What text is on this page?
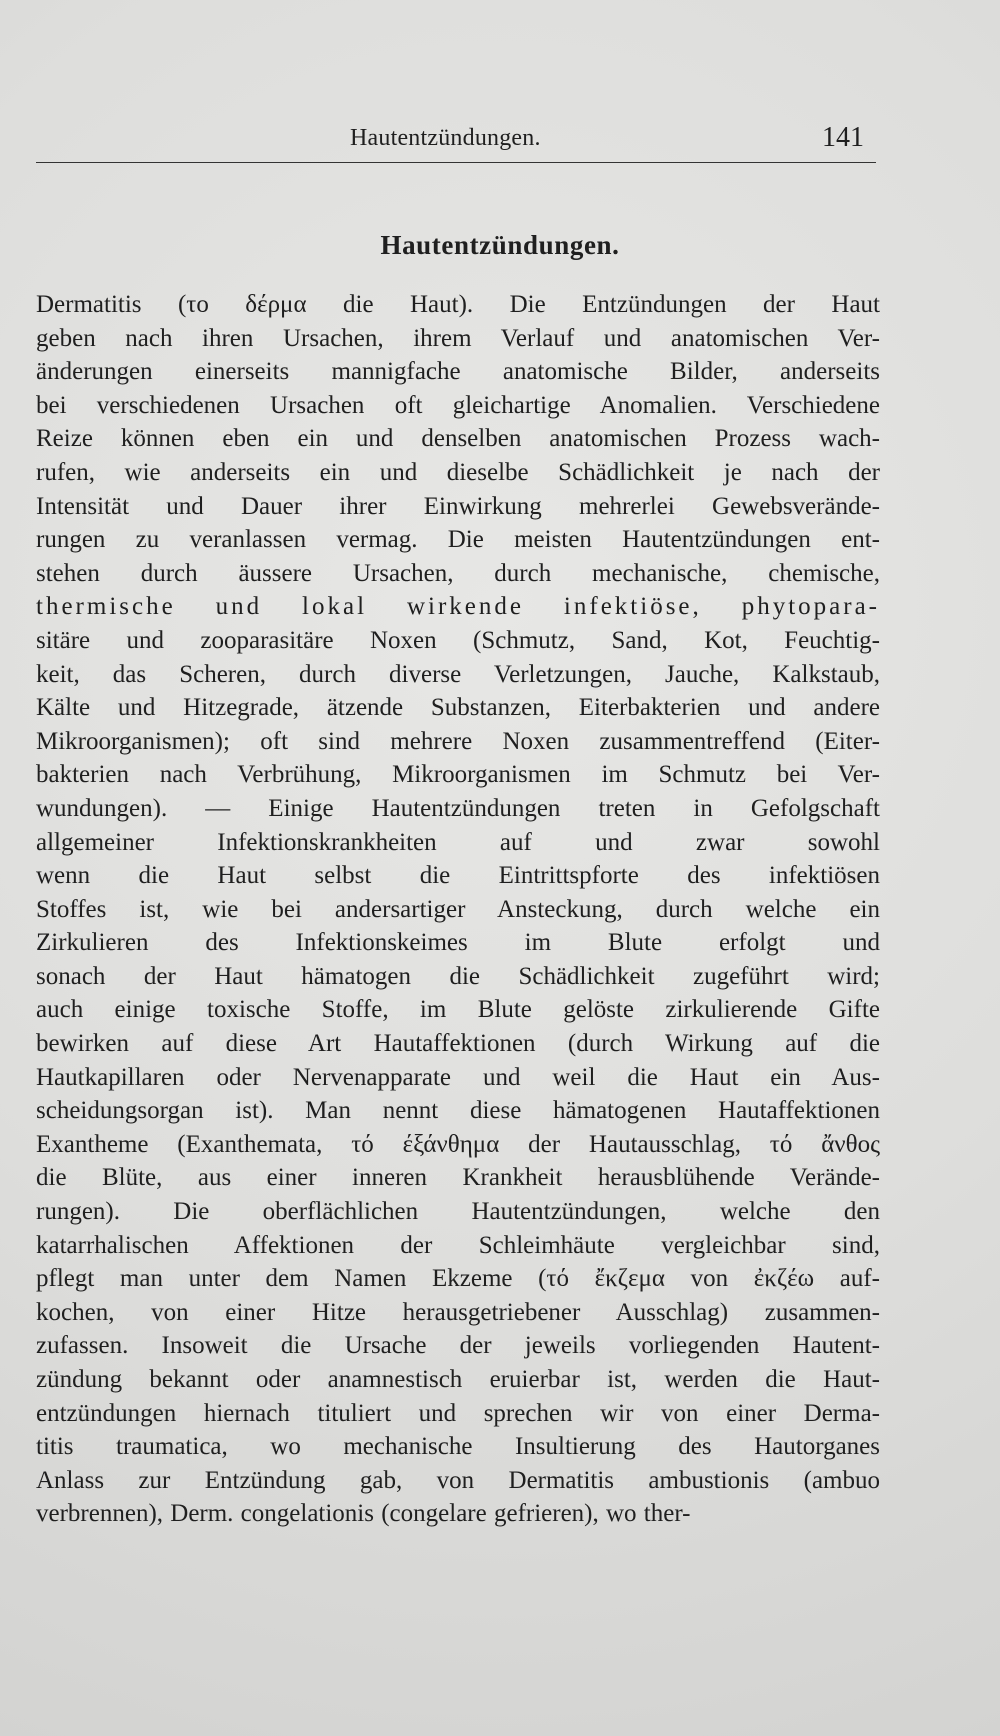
Hautentzündungen.	141
Hautentzündungen.
Dermatitis (το δέρμα die Haut). Die Entzündungen der Haut
geben nach ihren Ursachen, ihrem Verlauf und anatomischen Ver-
änderungen einerseits mannigfache anatomische Bilder, anderseits
bei verschiedenen Ursachen oft gleichartige Anomalien. Verschiedene
Reize können eben ein und denselben anatomischen Prozess wach-
rufen, wie anderseits ein und dieselbe Schädlichkeit je nach der
Intensität und Dauer ihrer Einwirkung mehrerlei Gewebsverände-
rungen zu veranlassen vermag. Die meisten Hautentzündungen ent-
stehen durch äussere Ursachen, durch mechanische, chemische,
thermische und lokal wirkende infektiöse, phytopara-
sitäre und zooparasitäre Noxen (Schmutz, Sand, Kot, Feuchtig-
keit, das Scheren, durch diverse Verletzungen, Jauche, Kalkstaub,
Kälte und Hitzegrade, ätzende Substanzen, Eiterbakterien und andere
Mikroorganismen); oft sind mehrere Noxen zusammentreffend (Eiter-
bakterien nach Verbrühung, Mikroorganismen im Schmutz bei Ver-
wundungen). — Einige Hautentzündungen treten in Gefolgschaft
allgemeiner Infektionskrankheiten auf und zwar sowohl
wenn die Haut selbst die Eintrittspforte des infektiösen
Stoffes ist, wie bei andersartiger Ansteckung, durch welche ein
Zirkulieren des Infektionskeimes im Blute erfolgt und
sonach der Haut hämatogen die Schädlichkeit zugeführt wird;
auch einige toxische Stoffe, im Blute gelöste zirkulierende Gifte
bewirken auf diese Art Hautaffektionen (durch Wirkung auf die
Hautkapillaren oder Nervenapparate und weil die Haut ein Aus-
scheidungsorgan ist). Man nennt diese hämatogenen Hautaffektionen
Exantheme (Exanthemata, τό έξάνθημα der Hautausschlag, τό ἄνθος
die Blüte, aus einer inneren Krankheit herausblühende Verände-
rungen). Die oberflächlichen Hautentzündungen, welche den
katarrhalischen Affektionen der Schleimhäute vergleichbar sind,
pflegt man unter dem Namen Ekzeme (τό ἔκζεμα von ἐκζέω auf-
kochen, von einer Hitze herausgetriebener Ausschlag) zusammen-
zufassen. Insoweit die Ursache der jeweils vorliegenden Hautent-
zündung bekannt oder anamnestisch eruierbar ist, werden die Haut-
entzündungen hiernach tituliert und sprechen wir von einer Derma-
titis traumatica, wo mechanische Insultierung des Hautorganes
Anlass zur Entzündung gab, von Dermatitis ambustionis (ambuo
verbrennen), Derm. congelationis (congelare gefrieren), wo ther-
